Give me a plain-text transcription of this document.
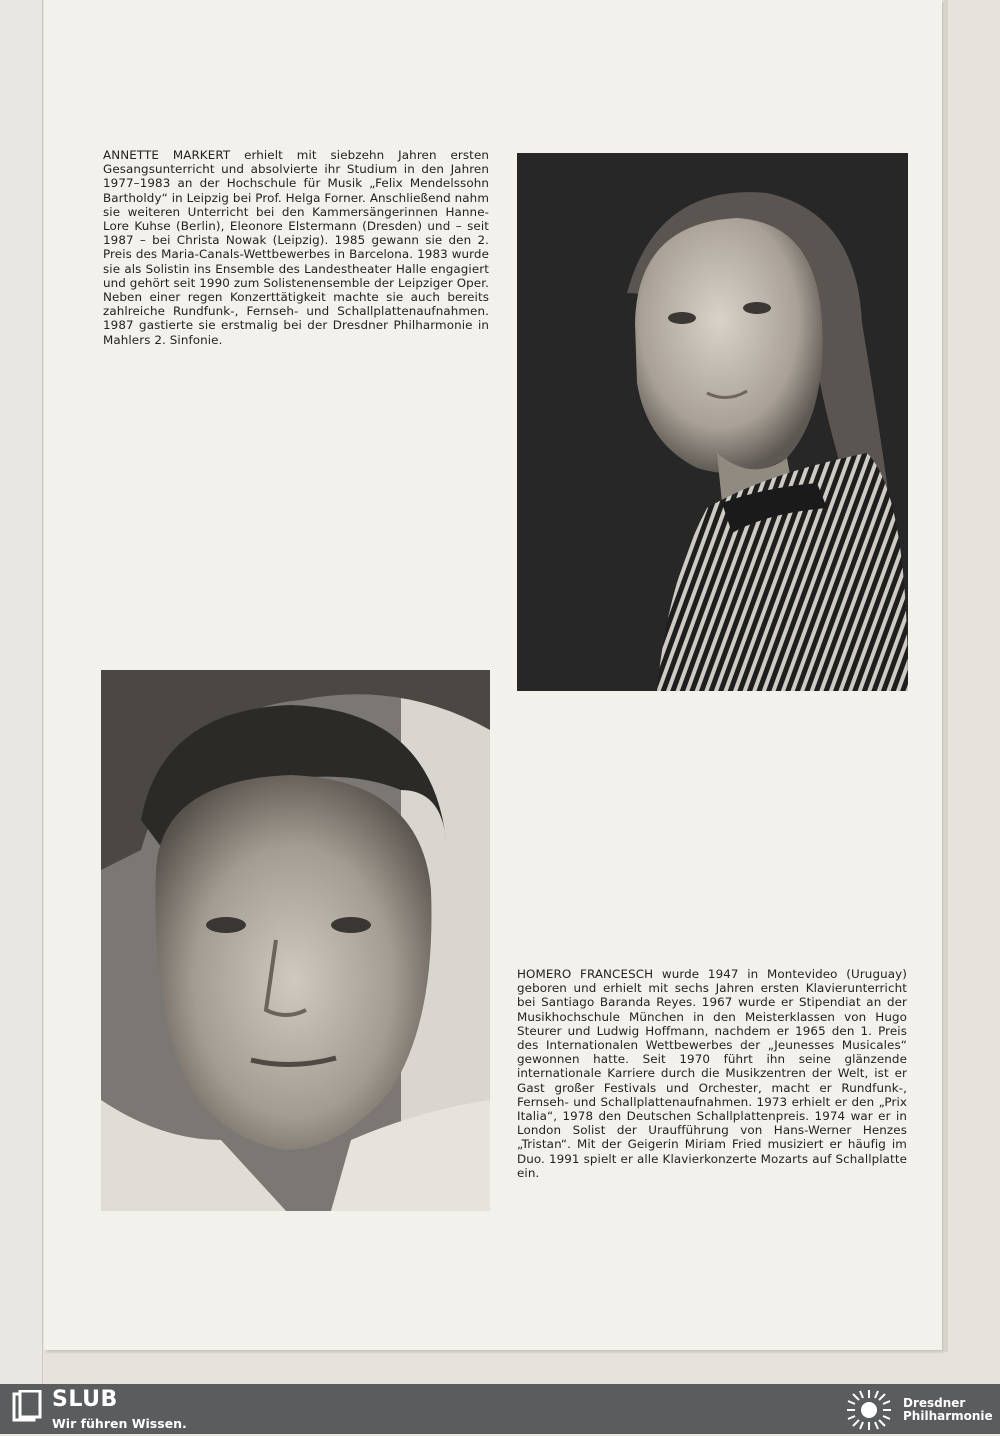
ANNETTE MARKERT erhielt mit siebzehn Jahren ersten Gesangsunterricht und absolvierte ihr Studium in den Jahren 1977–1983 an der Hochschule für Musik „Felix Mendelssohn Bartholdy“ in Leipzig bei Prof. Helga Forner. Anschließend nahm sie weiteren Unterricht bei den Kammersängerinnen Hanne-Lore Kuhse (Berlin), Eleonore Elstermann (Dresden) und – seit 1987 – bei Christa Nowak (Leipzig). 1985 gewann sie den 2. Preis des Maria-Canals-Wettbewerbes in Barcelona. 1983 wurde sie als Solistin ins Ensemble des Landestheater Halle engagiert und gehört seit 1990 zum Solistenensemble der Leipziger Oper. Neben einer regen Konzerttätigkeit machte sie auch bereits zahlreiche Rundfunk-, Fernseh- und Schallplattenaufnahmen. 1987 gastierte sie erstmalig bei der Dresdner Philharmonie in Mahlers 2. Sinfonie.

HOMERO FRANCESCH wurde 1947 in Montevideo (Uruguay) geboren und erhielt mit sechs Jahren ersten Klavierunterricht bei Santiago Baranda Reyes. 1967 wurde er Stipendiat an der Musikhochschule München in den Meisterklassen von Hugo Steurer und Ludwig Hoffmann, nachdem er 1965 den 1. Preis des Internationalen Wettbewerbes der „Jeunesses Musicales“ gewonnen hatte. Seit 1970 führt ihn seine glänzende internationale Karriere durch die Musikzentren der Welt, ist er Gast großer Festivals und Orchester, macht er Rundfunk-, Fernseh- und Schallplattenaufnahmen. 1973 erhielt er den „Prix Italia“, 1978 den Deutschen Schallplattenpreis. 1974 war er in London Solist der Uraufführung von Hans-Werner Henzes „Tristan“. Mit der Geigerin Miriam Fried musiziert er häufig im Duo. 1991 spielt er alle Klavierkonzerte Mozarts auf Schallplatte ein.

SLUB

Wir führen Wissen.

Dresdner

Philharmonie
